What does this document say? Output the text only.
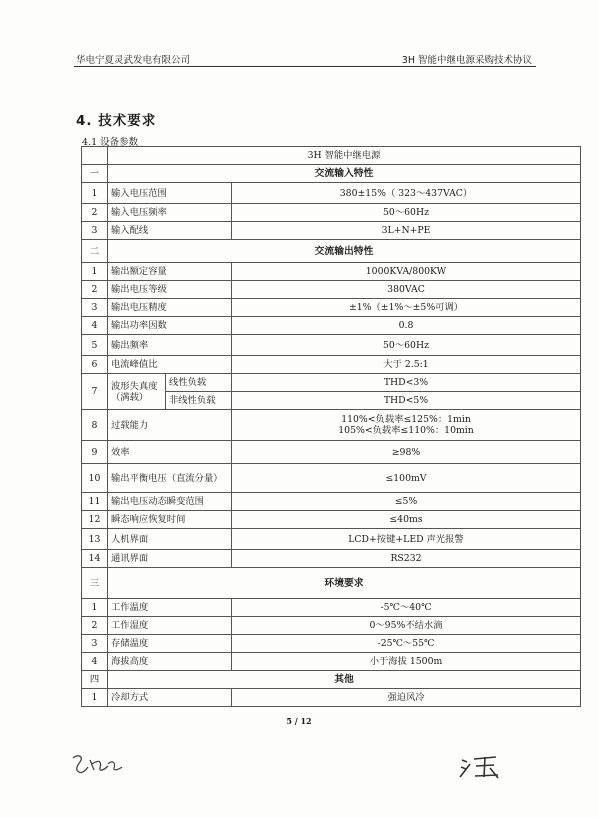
华电宁夏灵武发电有限公司	3H 智能中继电源采购技术协议
4. 技术要求
4.1 设备参数
	3H 智能中继电源		
一	交流输入特性		
1	输入电压范围		380±15%（ 323～437VAC）
2	输入电压频率		50～60Hz
3	输入配线		3L+N+PE
二	交流输出特性		
1	输出额定容量		1000KVA/800KW
2	输出电压等级		380VAC
3	输出电压精度		±1%（±1%～±5%可调）
4	输出功率因数		0.8
5	输出频率		50～60Hz
6	电流峰值比		大于 2.5:1
7	波形失真度（满载）	线性负载	THD<3%
		非线性负载	THD<5%
8	过载能力		110%<负载率≤125%：1min
105%<负载率≤110%：10min

9	效率		≥98%
10	输出平衡电压（直流分量）		≤100mV
11	输出电压动态瞬变范围		≤5%
12	瞬态响应恢复时间		≤40ms
13	人机界面		LCD+按键+LED 声光报警
14	通讯界面		RS232
三	环境要求		
1	工作温度		-5℃～40℃
2	工作湿度		0～95%不结水滴
3	存储温度		-25℃～55℃
4	海拔高度		小于海拔 1500m
四	其他		
1	冷却方式		强迫风冷
5 / 12
